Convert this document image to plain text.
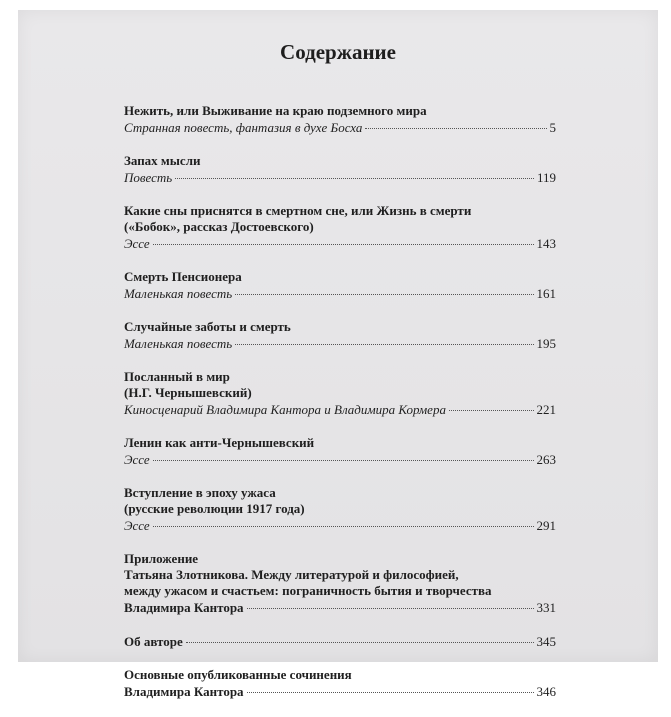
Содержание
Нежить, или Выживание на краю подземного мира
Странная повесть, фантазия в духе Босха	5
Запах мысли
Повесть	119
Какие сны приснятся в смертном сне, или Жизнь в смерти
(«Бобок», рассказ Достоевского)
Эссе	143
Смерть Пенсионера
Маленькая повесть	161
Случайные заботы и смерть
Маленькая повесть	195
Посланный в мир
(Н.Г. Чернышевский)
Киносценарий Владимира Кантора и Владимира Кормера	221
Ленин как анти-Чернышевский
Эссе	263
Вступление в эпоху ужаса
(русские революции 1917 года)
Эссе	291
Приложение
Татьяна Злотникова. Между литературой и философией,
между ужасом и счастьем: пограничность бытия и творчества
Владимира Кантора	331
Об авторе	345
Основные опубликованные сочинения
Владимира Кантора	346
